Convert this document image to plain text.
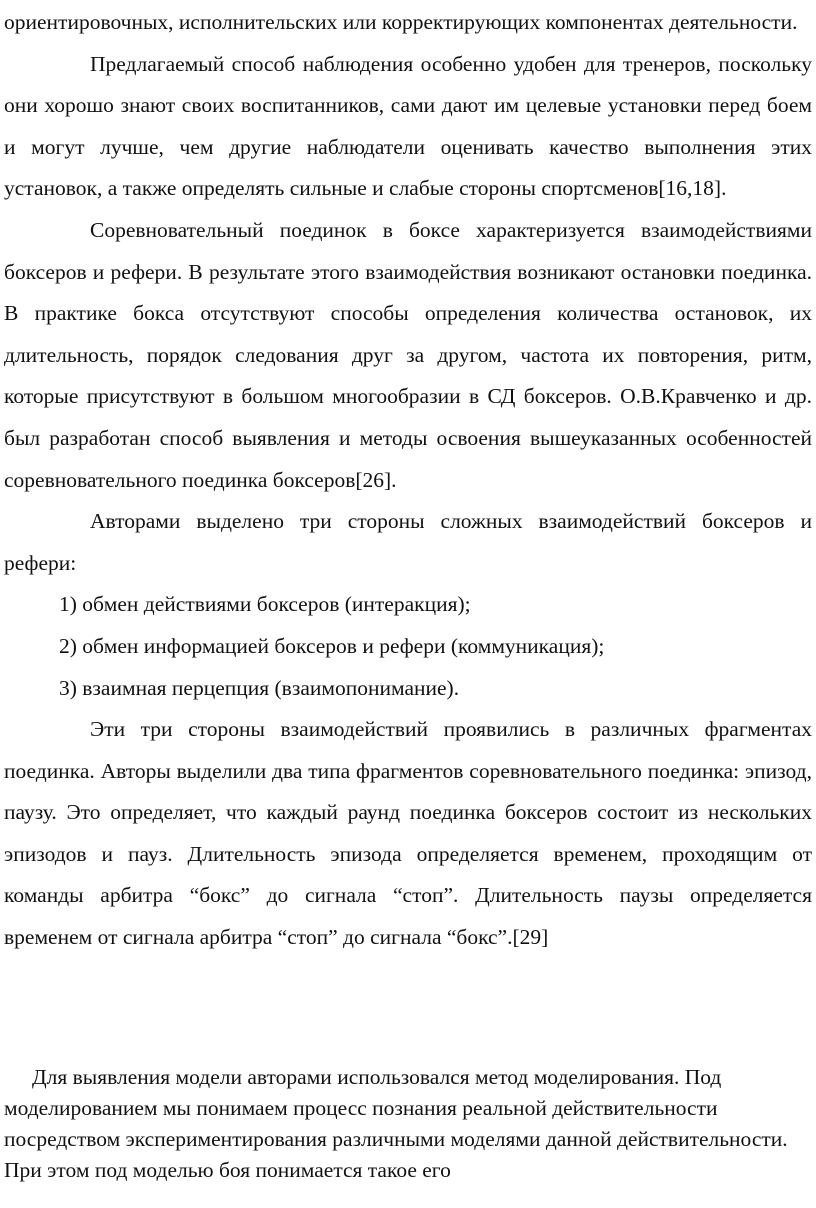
ориентировочных, исполнительских или корректирующих компонентах деятельности.

Предлагаемый способ наблюдения особенно удобен для тренеров, поскольку они хорошо знают своих воспитанников, сами дают им целевые установки перед боем и могут лучше, чем другие наблюдатели оценивать качество выполнения этих установок, а также определять сильные и слабые стороны спортсменов[16,18].

Соревновательный поединок в боксе характеризуется взаимодействиями боксеров и рефери. В результате этого взаимодействия возникают остановки поединка. В практике бокса отсутствуют способы определения количества остановок, их длительность, порядок следования друг за другом, частота их повторения, ритм, которые присутствуют в большом многообразии в СД боксеров. О.В.Кравченко и др. был разработан способ выявления и методы освоения вышеуказанных особенностей соревновательного поединка боксеров[26].

Авторами выделено три стороны сложных взаимодействий боксеров и рефери:

1) обмен действиями боксеров (интеракция);

2) обмен информацией боксеров и рефери (коммуникация);

3) взаимная перцепция (взаимопонимание).

Эти три стороны взаимодействий проявились в различных фрагментах поединка. Авторы выделили два типа фрагментов соревновательного поединка: эпизод, паузу. Это определяет, что каждый раунд поединка боксеров состоит из нескольких эпизодов и пауз. Длительность эпизода определяется временем, проходящим от команды арбитра “бокс” до сигнала “стоп”. Длительность паузы определяется временем от сигнала арбитра “стоп” до сигнала “бокс”.[29]

Для выявления модели авторами использовался метод моделирования. Под моделированием мы понимаем процесс познания реальной действительности посредством экспериментирования различными моделями данной действительности. При этом под моделью боя понимается такое его
